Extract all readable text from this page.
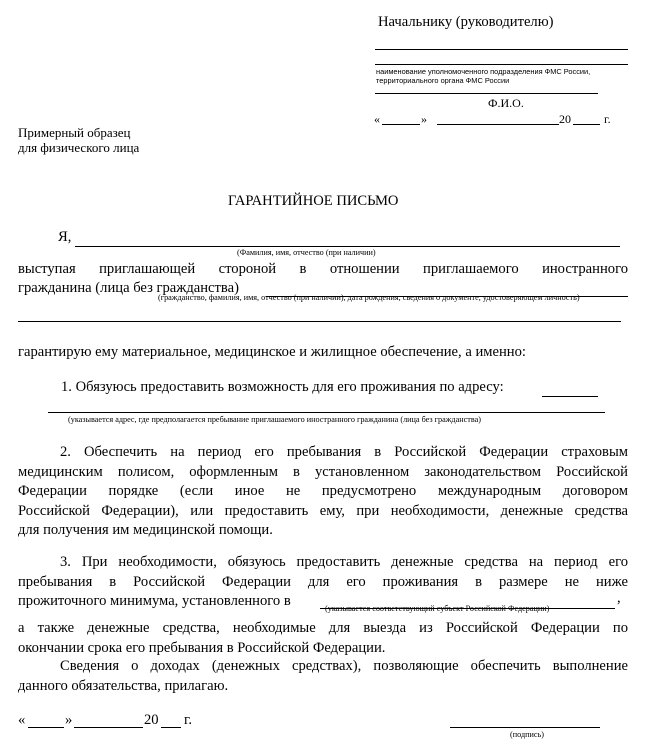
Начальнику (руководителю)
наименование уполномоченного подразделения ФМС России,
территориального органа ФМС России
Ф.И.О.
«	»	20	г.
Примерный образец
для физического лица
ГАРАНТИЙНОЕ ПИСЬМО
Я,
(Фамилия, имя, отчество (при наличии)
выступая приглашающей стороной в отношении приглашаемого иностранного
гражданина (лица без гражданства)
(гражданство, фамилия, имя, отчество (при наличии), дата рождения, сведения о документе, удостоверяющем личность)
гарантирую ему материальное, медицинское и жилищное обеспечение, а именно:
1. Обязуюсь предоставить возможность для его проживания по адресу:
(указывается адрес, где предполагается пребывание приглашаемого иностранного гражданина (лица без гражданства)
2. Обеспечить на период его пребывания в Российской Федерации страховым
медицинским полисом, оформленным в установленном законодательством Российской
Федерации порядке (если иное не предусмотрено международным договором
Российской Федерации), или предоставить ему, при необходимости, денежные средства
для получения им медицинской помощи.
3. При необходимости, обязуюсь предоставить денежные средства на период его
пребывания в Российской Федерации для его проживания в размере не ниже
прожиточного минимума, установленного в	,
(указывается соответствующий субъект Российской Федерации)
а также денежные средства, необходимые для выезда из Российской Федерации по
окончании срока его пребывания в Российской Федерации.
Сведения о доходах (денежных средствах), позволяющие обеспечить выполнение
данного обязательства, прилагаю.
«	»	20 г.
(подпись)
